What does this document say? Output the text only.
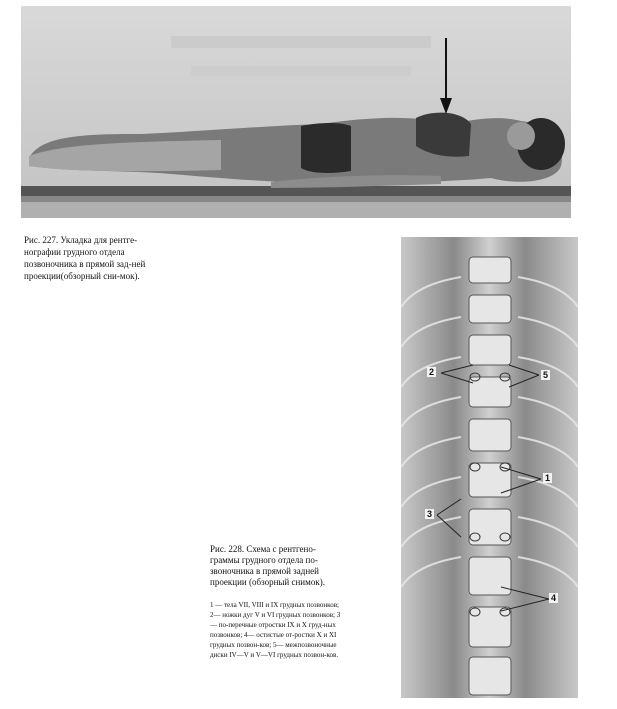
Рис. 227. Укладка для рентге-нографии грудного отдела позвоночника в прямой зад-ней проекции(обзорный сни-мок).

2	5
1
3
4

Рис. 228. Схема с рентгено-граммы грудного отдела по-звоночника в прямой задней проекции (обзорный снимок).

1 — тела VII, VIII и IX грудных позвонков; 2— ножки дуг V и VI грудных позвонков; 3— по-перечные отростки IX и X груд-ных позвонков; 4— остистые от-ростки X и XI грудных позвон-ков; 5— межпозвоночные диски IV—V и V—VI грудных позвон-ков.
